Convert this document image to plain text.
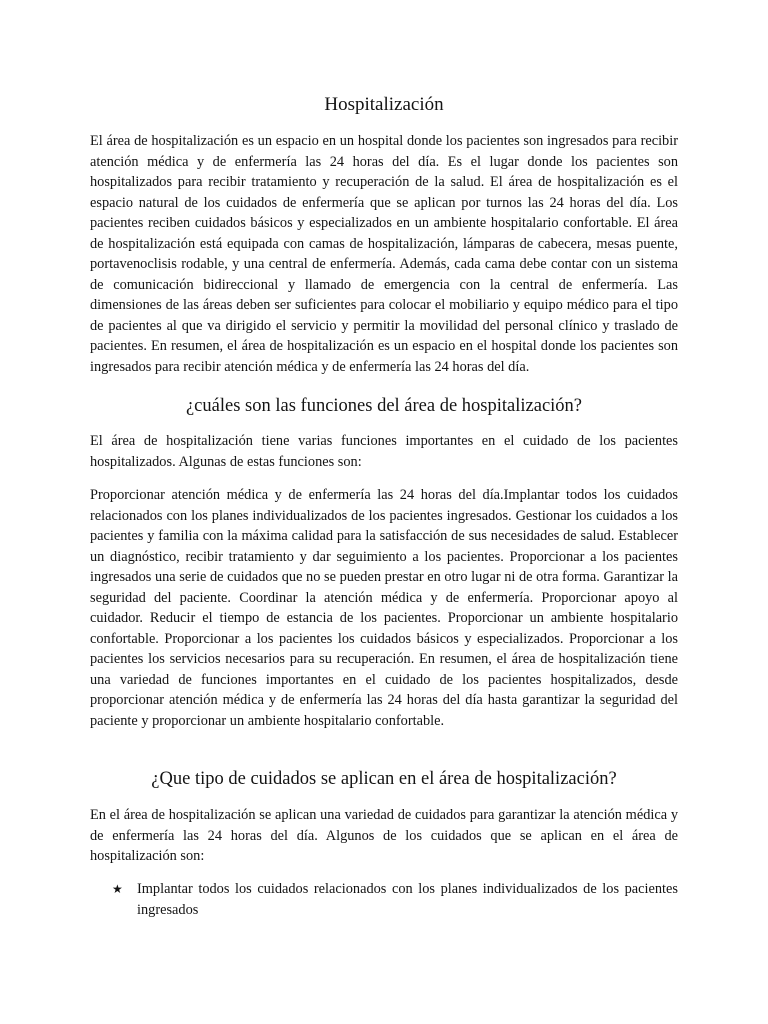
Hospitalización

El área de hospitalización es un espacio en un hospital donde los pacientes son ingresados para recibir atención médica y de enfermería las 24 horas del día. Es el lugar donde los pacientes son hospitalizados para recibir tratamiento y recuperación de la salud. El área de hospitalización es el espacio natural de los cuidados de enfermería que se aplican por turnos las 24 horas del día. Los pacientes reciben cuidados básicos y especializados en un ambiente hospitalario confortable. El área de hospitalización está equipada con camas de hospitalización, lámparas de cabecera, mesas puente, portavenoclisis rodable, y una central de enfermería. Además, cada cama debe contar con un sistema de comunicación bidireccional y llamado de emergencia con la central de enfermería. Las dimensiones de las áreas deben ser suficientes para colocar el mobiliario y equipo médico para el tipo de pacientes al que va dirigido el servicio y permitir la movilidad del personal clínico y traslado de pacientes. En resumen, el área de hospitalización es un espacio en el hospital donde los pacientes son ingresados para recibir atención médica y de enfermería las 24 horas del día.

¿cuáles son las funciones del área de hospitalización?

El área de hospitalización tiene varias funciones importantes en el cuidado de los pacientes hospitalizados. Algunas de estas funciones son:

Proporcionar atención médica y de enfermería las 24 horas del día.Implantar todos los cuidados relacionados con los planes individualizados de los pacientes ingresados. Gestionar los cuidados a los pacientes y familia con la máxima calidad para la satisfacción de sus necesidades de salud. Establecer un diagnóstico, recibir tratamiento y dar seguimiento a los pacientes. Proporcionar a los pacientes ingresados una serie de cuidados que no se pueden prestar en otro lugar ni de otra forma. Garantizar la seguridad del paciente. Coordinar la atención médica y de enfermería. Proporcionar apoyo al cuidador. Reducir el tiempo de estancia de los pacientes. Proporcionar un ambiente hospitalario confortable. Proporcionar a los pacientes los cuidados básicos y especializados. Proporcionar a los pacientes los servicios necesarios para su recuperación. En resumen, el área de hospitalización tiene una variedad de funciones importantes en el cuidado de los pacientes hospitalizados, desde proporcionar atención médica y de enfermería las 24 horas del día hasta garantizar la seguridad del paciente y proporcionar un ambiente hospitalario confortable.

¿Que tipo de cuidados se aplican en el área de hospitalización?

En el área de hospitalización se aplican una variedad de cuidados para garantizar la atención médica y de enfermería las 24 horas del día. Algunos de los cuidados que se aplican en el área de hospitalización son:

★ Implantar todos los cuidados relacionados con los planes individualizados de los pacientes ingresados
